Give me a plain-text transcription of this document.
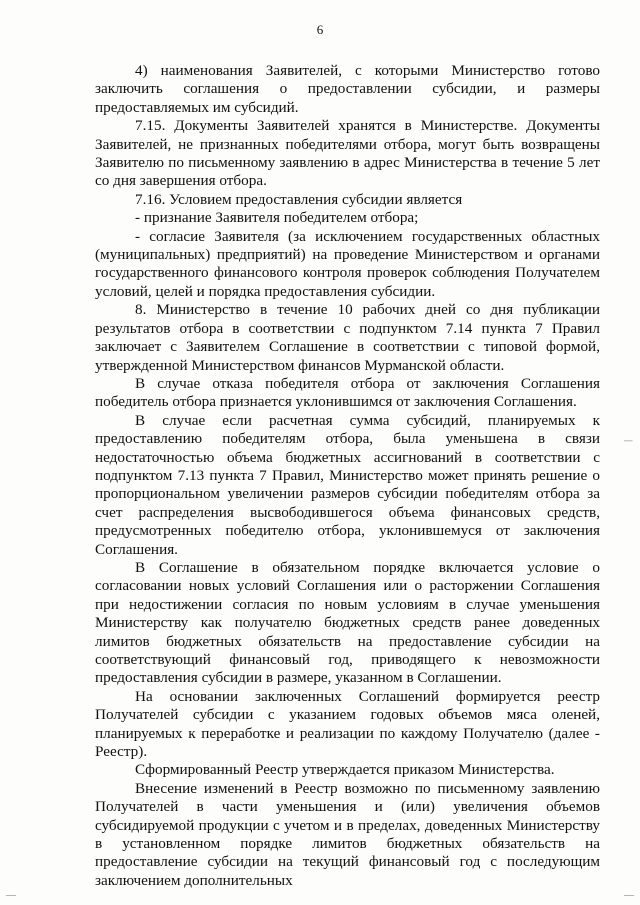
6

4) наименования Заявителей, с которыми Министерство готово заключить соглашения о предоставлении субсидии, и размеры предоставляемых им субсидий.

7.15. Документы Заявителей хранятся в Министерстве. Документы Заявителей, не признанных победителями отбора, могут быть возвращены Заявителю по письменному заявлению в адрес Министерства в течение 5 лет со дня завершения отбора.

7.16. Условием предоставления субсидии является

- признание Заявителя победителем отбора;

- согласие Заявителя (за исключением государственных областных (муниципальных) предприятий) на проведение Министерством и органами государственного финансового контроля проверок соблюдения Получателем условий, целей и порядка предоставления субсидии.

8. Министерство в течение 10 рабочих дней со дня публикации результатов отбора в соответствии с подпунктом 7.14 пункта 7 Правил заключает с Заявителем Соглашение в соответствии с типовой формой, утвержденной Министерством финансов Мурманской области.

В случае отказа победителя отбора от заключения Соглашения победитель отбора признается уклонившимся от заключения Соглашения.

В случае если расчетная сумма субсидий, планируемых к предоставлению победителям отбора, была уменьшена в связи недостаточностью объема бюджетных ассигнований в соответствии с подпунктом 7.13 пункта 7 Правил, Министерство может принять решение о пропорциональном увеличении размеров субсидии победителям отбора за счет распределения высвободившегося объема финансовых средств, предусмотренных победителю отбора, уклонившемуся от заключения Соглашения.

В Соглашение в обязательном порядке включается условие о согласовании новых условий Соглашения или о расторжении Соглашения при недостижении согласия по новым условиям в случае уменьшения Министерству как получателю бюджетных средств ранее доведенных лимитов бюджетных обязательств на предоставление субсидии на соответствующий финансовый год, приводящего к невозможности предоставления субсидии в размере, указанном в Соглашении.

На основании заключенных Соглашений формируется реестр Получателей субсидии с указанием годовых объемов мяса оленей, планируемых к переработке и реализации по каждому Получателю (далее - Реестр).

Сформированный Реестр утверждается приказом Министерства.

Внесение изменений в Реестр возможно по письменному заявлению Получателей в части уменьшения и (или) увеличения объемов субсидируемой продукции с учетом и в пределах, доведенных Министерству в установленном порядке лимитов бюджетных обязательств на предоставление субсидии на текущий финансовый год с последующим заключением дополнительных

|
—	—
